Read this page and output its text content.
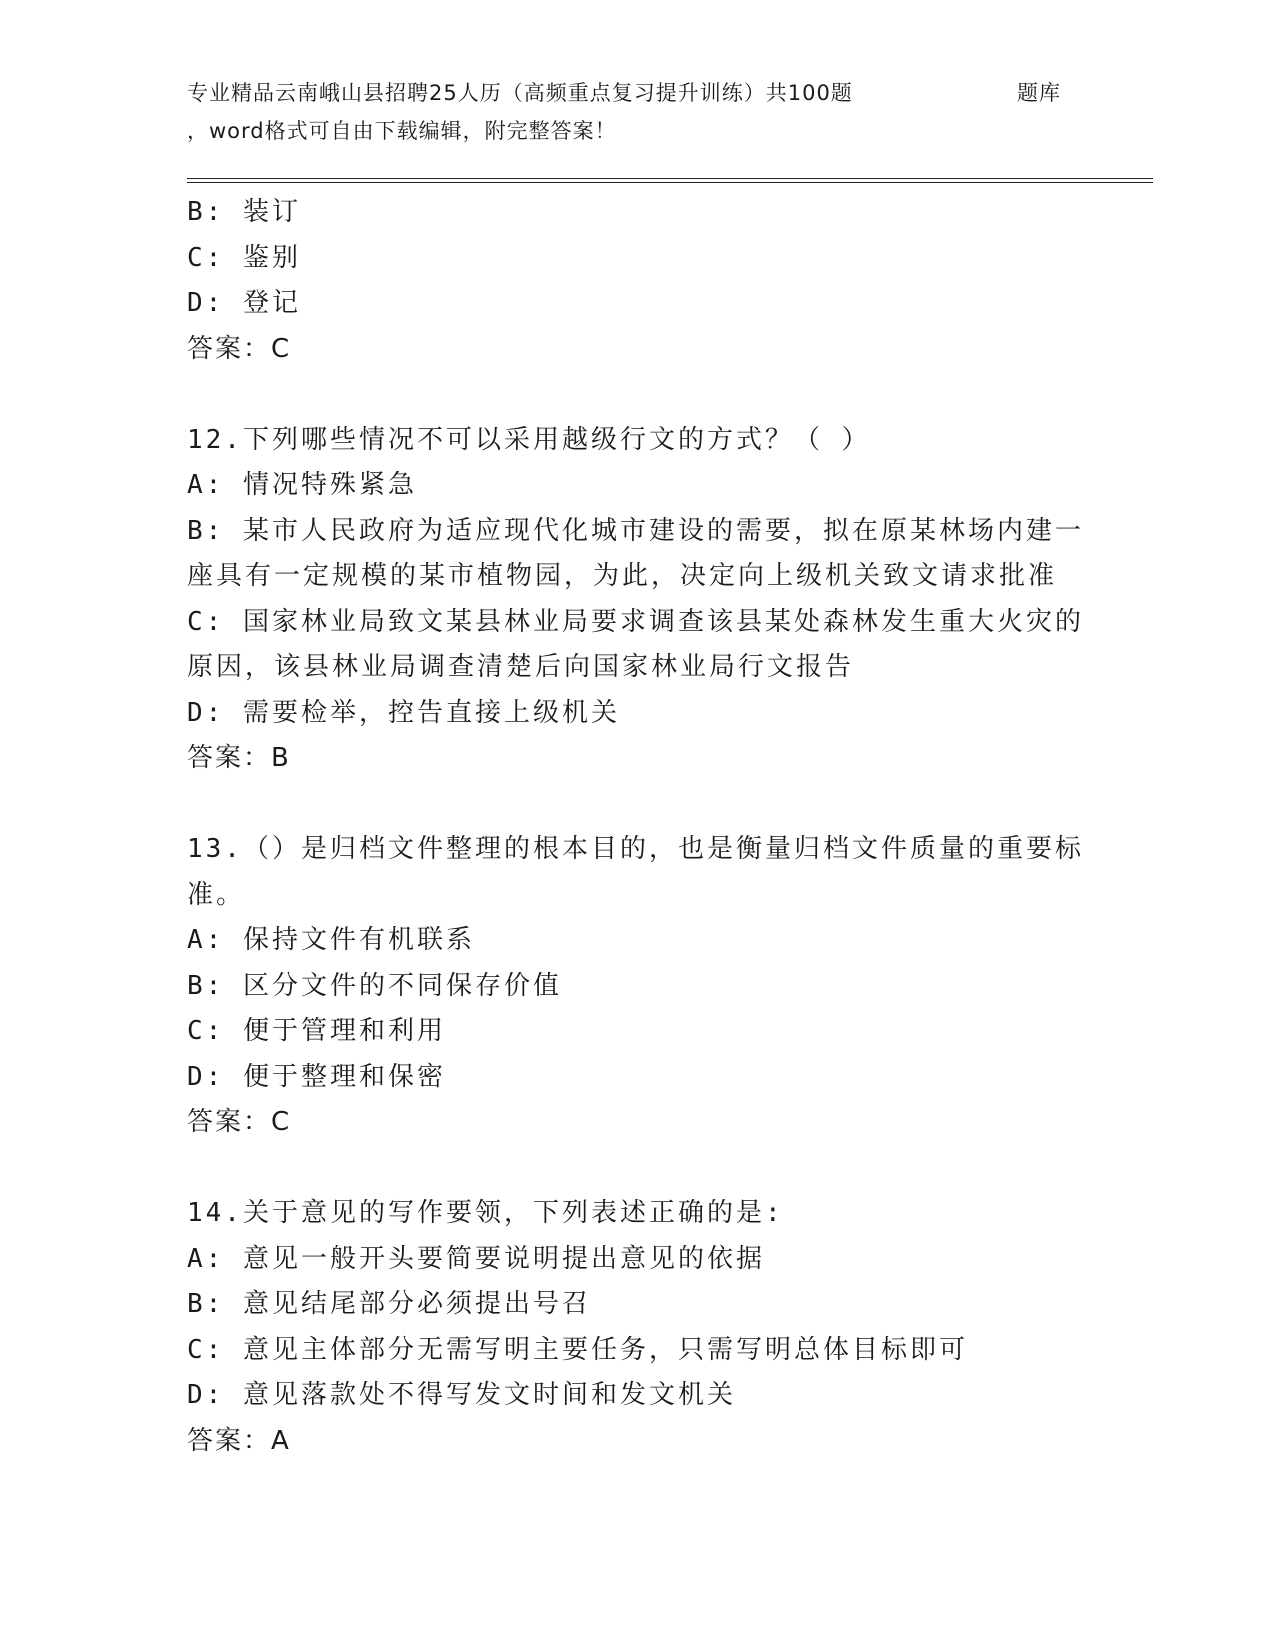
专业精品云南峨山县招聘25人历（高频重点复习提升训练）共100题	题库
，word格式可自由下载编辑，附完整答案！
B: 装订
C: 鉴别
D: 登记
答案：C
12.下列哪些情况不可以采用越级行文的方式？（ ）
A: 情况特殊紧急
B: 某市人民政府为适应现代化城市建设的需要，拟在原某林场内建一
座具有一定规模的某市植物园，为此，决定向上级机关致文请求批准
C: 国家林业局致文某县林业局要求调查该县某处森林发生重大火灾的
原因，该县林业局调查清楚后向国家林业局行文报告
D: 需要检举，控告直接上级机关
答案：B
13.（）是归档文件整理的根本目的，也是衡量归档文件质量的重要标
准。
A: 保持文件有机联系
B: 区分文件的不同保存价值
C: 便于管理和利用
D: 便于整理和保密
答案：C
14.关于意见的写作要领，下列表述正确的是:
A: 意见一般开头要简要说明提出意见的依据
B: 意见结尾部分必须提出号召
C: 意见主体部分无需写明主要任务，只需写明总体目标即可
D: 意见落款处不得写发文时间和发文机关
答案：A
